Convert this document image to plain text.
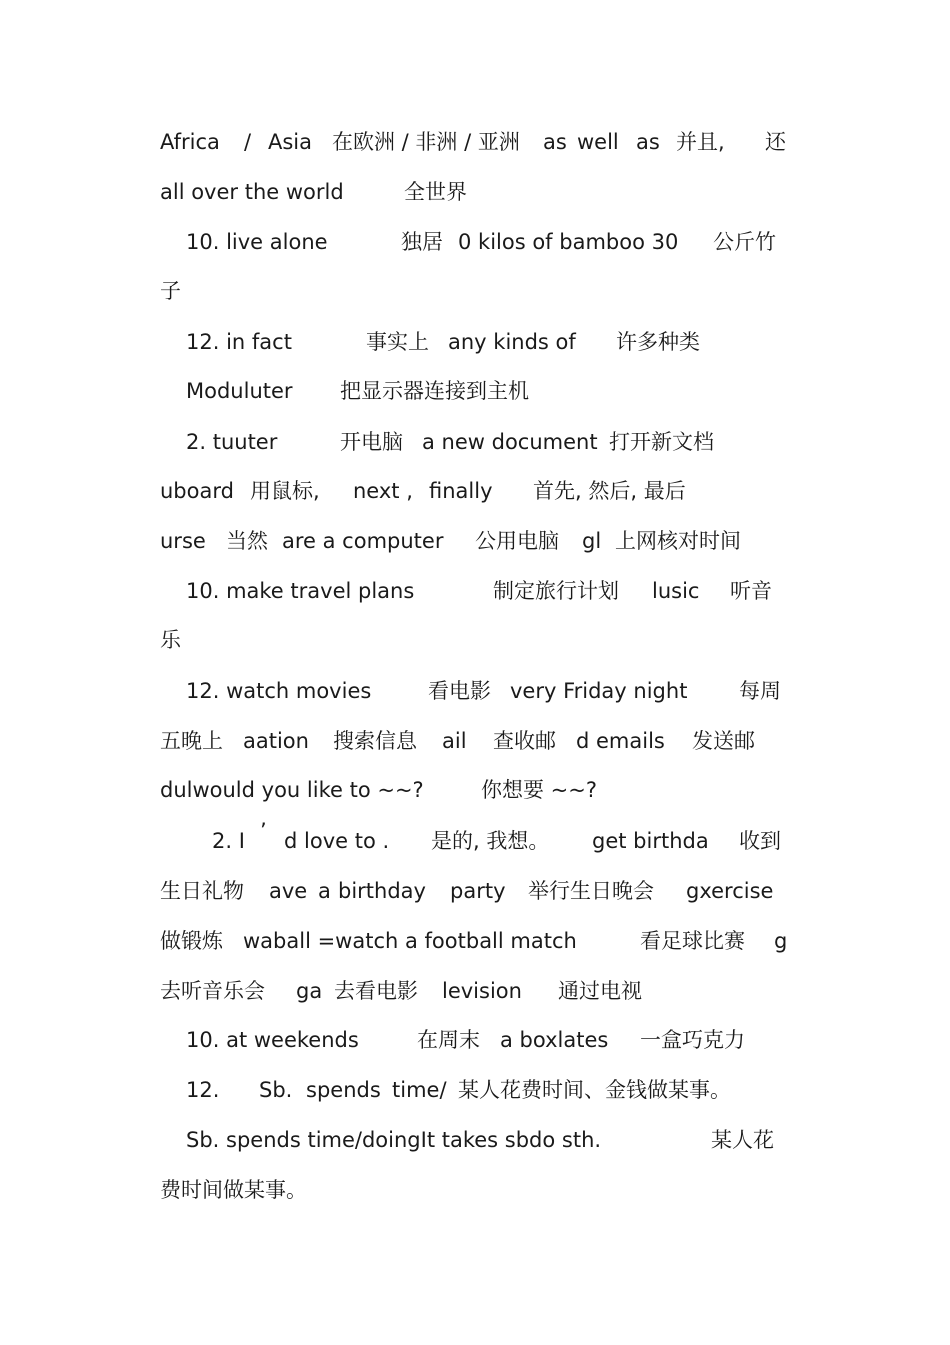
Africa / Asia 在欧洲 / 非洲 / 亚洲 as well as 并且, 还
all over the world	全世界
10. live alone	独居 0 kilos of bamboo 30 公斤竹
子
12. in fact	事实上 any kinds of 许多种类
Moduluter 把显示器连接到主机
2. tuuter	开电脑 a new document 打开新文档
uboard 用鼠标, next , finally 首先, 然后, 最后
urse 当然 are a computer 公用电脑 gl 上网核对时间
10. make travel plans	制定旅行计划 lusic 听音
乐
12. watch movies	看电影 very Friday night 每周
五晚上 aation 搜索信息 ail 查收邮 d emails 发送邮
dulwould you like to ~~?	你想要 ~~?
2. I ’ d love to . 是的, 我想。 get birthda 收到
生日礼物 ave a birthday party 举行生日晚会 gxercise
做锻炼 waball =watch a football match	看足球比赛 g
去听音乐会 ga 去看电影 levision 通过电视
10. at weekends	在周末 a boxlates 一盒巧克力
12. Sb. spends time/ 某人花费时间、金钱做某事。
Sb. spends time/doingIt takes sbdo sth.	某人花
费时间做某事。
